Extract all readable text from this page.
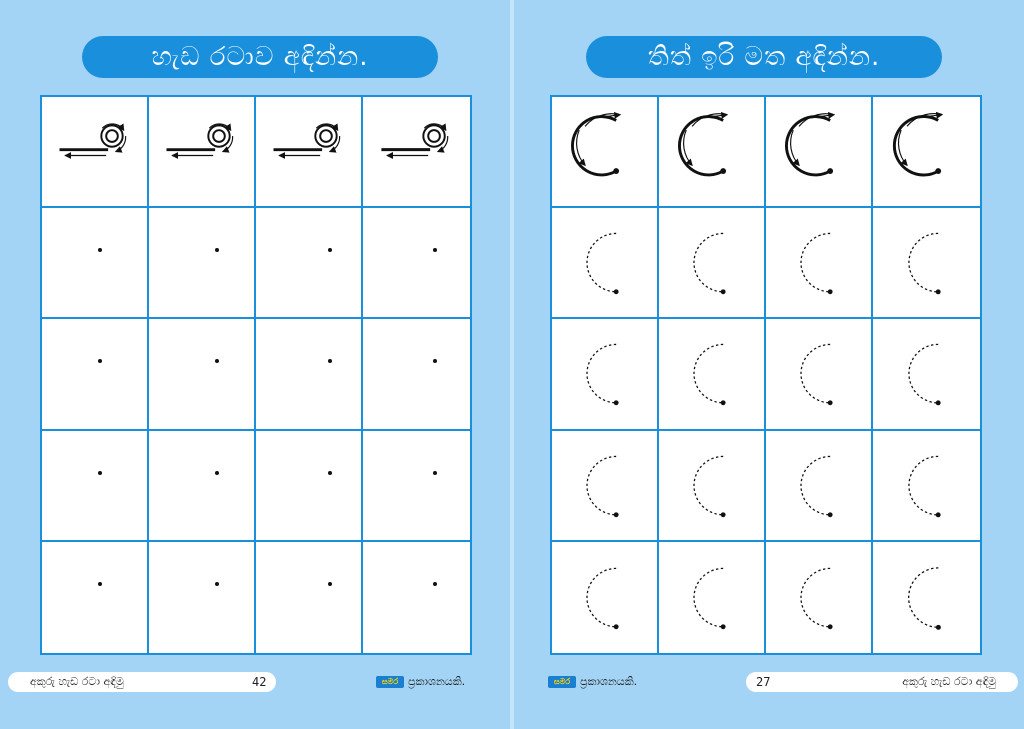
හැඩ රටාව අඳින්න.
අකුරු හැඩ රටා අඳිමු	42	සමර ප්‍රකාශනයකි.
තිත් ඉරි මත අඳින්න.
සමර ප්‍රකාශනයකි.	27	අකුරු හැඩ රටා අඳිමු
